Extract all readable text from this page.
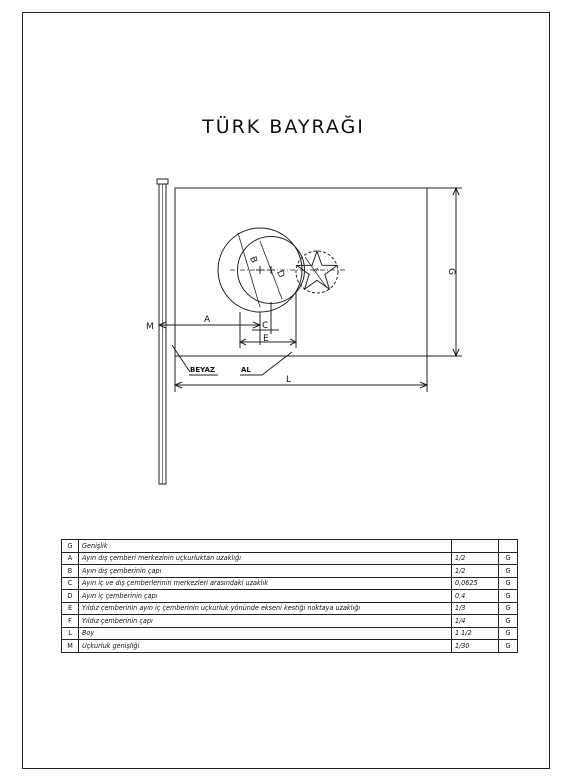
TÜRK BAYRAĞI
M
A
B
C
D
E
F	G
L
BEYAZ	AL
G	Genişlik		
A	Ayın dış çemberi merkezinin uçkurluktan uzaklığı	1/2	G
B	Ayın dış çemberinin çapı	1/2	G
C	Ayın iç ve dış çemberlerinin merkezleri arasındaki uzaklık	0,0625	G
D	Ayın iç çemberinin çapı	0,4	G
E	Yıldız çemberinin ayın iç çemberinin uçkurluk yönünde ekseni kestiği noktaya uzaklığı	1/3	G
F	Yıldız çemberinin çapı	1/4	G
L	Boy	1 1/2	G
M	Uçkurluk genişliği	1/30	G
